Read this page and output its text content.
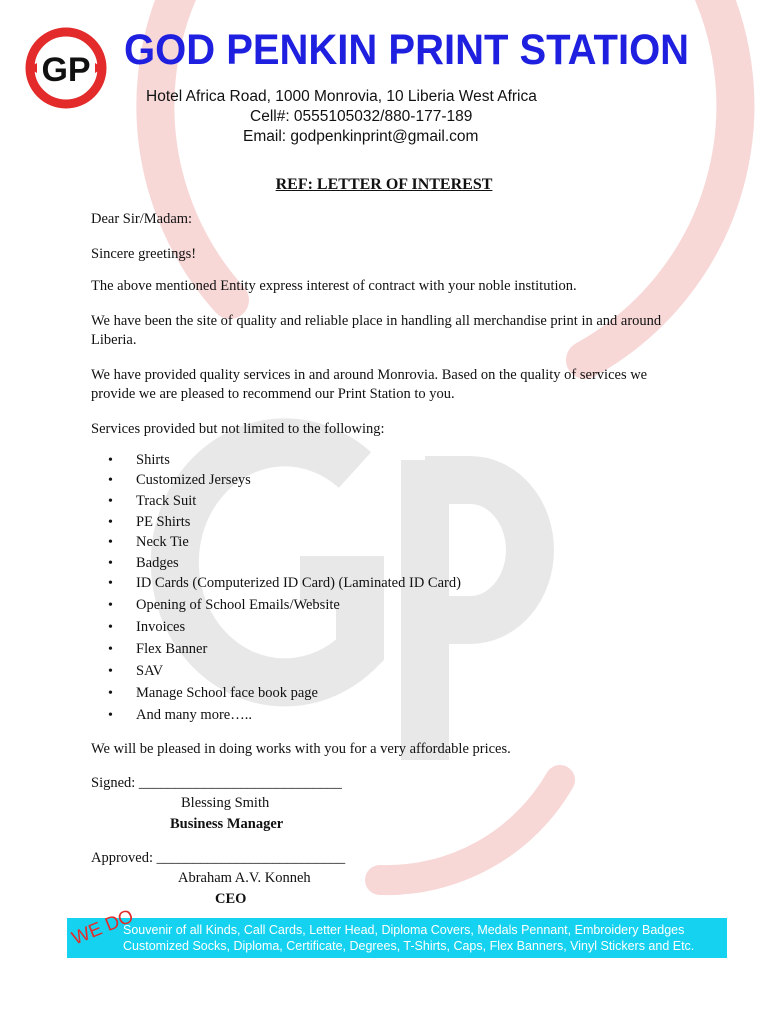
GP GOD PENKIN PRINT STATION
Hotel Africa Road, 1000 Monrovia, 10 Liberia West Africa
Cell#: 0555105032/880-177-189
Email: godpenkinprint@gmail.com
REF: LETTER OF INTEREST
Dear Sir/Madam:
Sincere greetings!
The above mentioned Entity express interest of contract with your noble institution.
We have been the site of quality and reliable place in handling all merchandise print in and around Liberia.
We have provided quality services in and around Monrovia. Based on the quality of services we provide we are pleased to recommend our Print Station to you.
Services provided but not limited to the following:
• Shirts
• Customized Jerseys
• Track Suit
• PE Shirts
• Neck Tie
• Badges
• ID Cards (Computerized ID Card) (Laminated ID Card)
• Opening of School Emails/Website
• Invoices
• Flex Banner
• SAV
• Manage School face book page
• And many more…..
We will be pleased in doing works with you for a very affordable prices.
Signed: ____________________________
Blessing Smith
Business Manager
Approved: __________________________
Abraham A.V. Konneh
CEO
Souvenir of all Kinds, Call Cards, Letter Head, Diploma Covers, Medals Pennant, Embroidery Badges
Customized Socks, Diploma, Certificate, Degrees, T-Shirts, Caps, Flex Banners, Vinyl Stickers and Etc.
WE DO
